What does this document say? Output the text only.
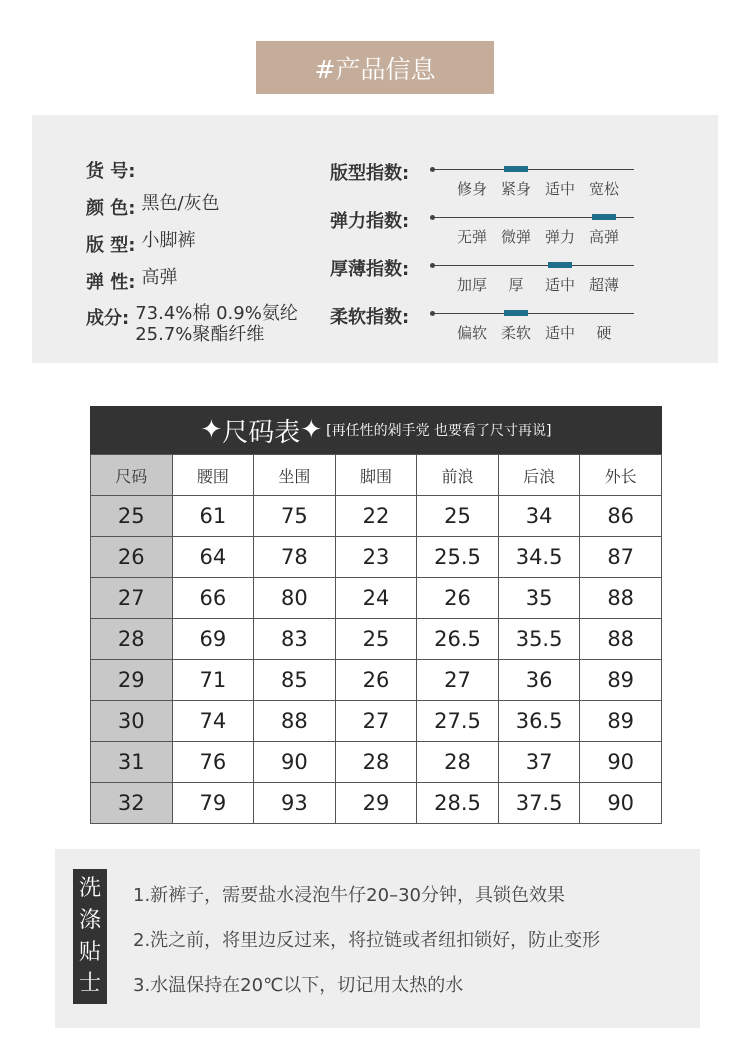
#产品信息
货 号:
颜 色: 黑色/灰色
版 型: 小脚裤
弹 性: 高弹
成分: 73.4%棉 0.9%氨纶
25.7%聚酯纤维
版型指数:
修身 紧身 适中 宽松
弹力指数:
无弹 微弹 弹力 高弹
厚薄指数:
加厚	厚	适中 超薄
柔软指数:
偏软 柔软 适中	硬
✦ 尺码表 ✦ [再任性的剁手党 也要看了尺寸再说]
尺码	腰围	坐围	脚围	前浪	后浪	外长
25	61	75	22	25	34	86
26	64	78	23	25.5	34.5	87
27	66	80	24	26	35	88
28	69	83	25	26.5	35.5	88
29	71	85	26	27	36	89
30	74	88	27	27.5	36.5	89
31	76	90	28	28	37	90
32	79	93	29	28.5	37.5	90
洗
涤
贴
士
1.新裤子，需要盐水浸泡牛仔20–30分钟，具锁色效果
2.洗之前，将里边反过来，将拉链或者纽扣锁好，防止变形
3.水温保持在20℃以下，切记用太热的水
